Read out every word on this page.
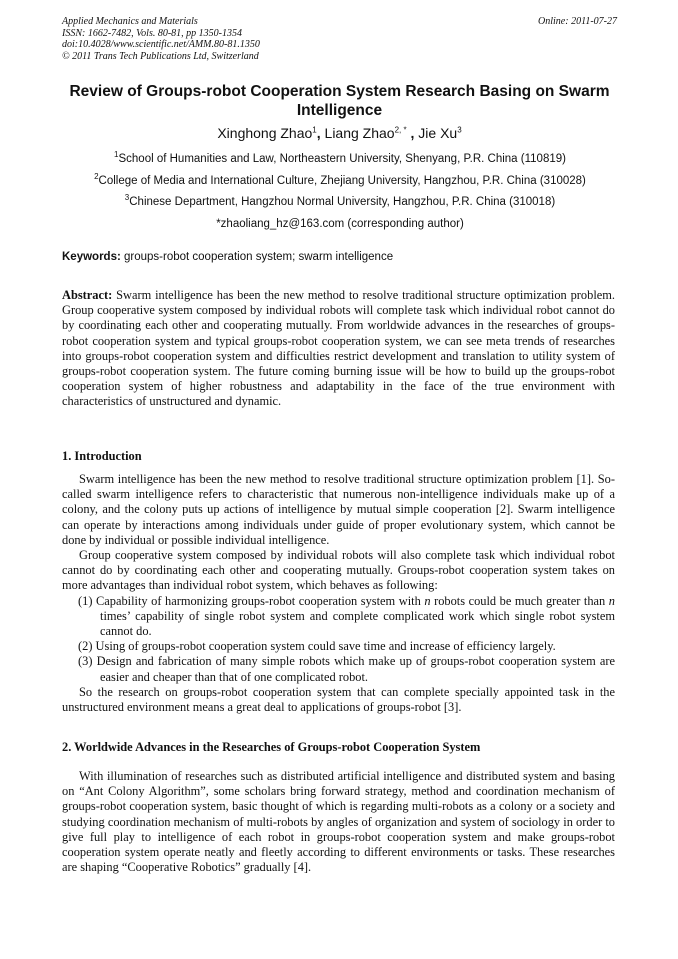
Applied Mechanics and Materials
ISSN: 1662-7482, Vols. 80-81, pp 1350-1354
doi:10.4028/www.scientific.net/AMM.80-81.1350
© 2011 Trans Tech Publications Ltd, Switzerland
Online: 2011-07-27
Review of Groups-robot Cooperation System Research Basing on Swarm Intelligence
Xinghong Zhao$^1$, Liang Zhao$^{2, *}$ , Jie Xu$^3$
$^1$School of Humanities and Law, Northeastern University, Shenyang, P.R. China (110819)
$^2$College of Media and International Culture, Zhejiang University, Hangzhou, P.R. China (310028)
$^3$Chinese Department, Hangzhou Normal University, Hangzhou, P.R. China (310018)
*zhaoliang_hz@163.com (corresponding author)
Keywords: groups-robot cooperation system; swarm intelligence

Abstract: Swarm intelligence has been the new method to resolve traditional structure optimization problem. Group cooperative system composed by individual robots will complete task which individual robot cannot do by coordinating each other and cooperating mutually. From worldwide advances in the researches of groups-robot cooperation system and typical groups-robot cooperation system, we can see meta trends of researches into groups-robot cooperation system and difficulties restrict development and translation to utility system of groups-robot cooperation system. The future coming burning issue will be how to build up the groups-robot cooperation system of higher robustness and adaptability in the face of the true environment with characteristics of unstructured and dynamic.

1. Introduction

Swarm intelligence has been the new method to resolve traditional structure optimization problem [1]. So-called swarm intelligence refers to characteristic that numerous non-intelligence individuals make up of a colony, and the colony puts up actions of intelligence by mutual simple cooperation [2]. Swarm intelligence can operate by interactions among individuals under guide of proper evolutionary system, which cannot be done by individual or possible individual intelligence.

Group cooperative system composed by individual robots will also complete task which individual robot cannot do by coordinating each other and cooperating mutually. Groups-robot cooperation system takes on more advantages than individual robot system, which behaves as following:

(1) Capability of harmonizing groups-robot cooperation system with n robots could be much greater than n times’ capability of single robot system and complete complicated work which single robot system cannot do.

(2) Using of groups-robot cooperation system could save time and increase of efficiency largely.

(3) Design and fabrication of many simple robots which make up of groups-robot cooperation system are easier and cheaper than that of one complicated robot.

So the research on groups-robot cooperation system that can complete specially appointed task in the unstructured environment means a great deal to applications of groups-robot [3].

2. Worldwide Advances in the Researches of Groups-robot Cooperation System

With illumination of researches such as distributed artificial intelligence and distributed system and basing on “Ant Colony Algorithm”, some scholars bring forward strategy, method and coordination mechanism of groups-robot cooperation system, basic thought of which is regarding multi-robots as a colony or a society and studying coordination mechanism of multi-robots by angles of organization and system of sociology in order to give full play to intelligence of each robot in groups-robot cooperation system and make groups-robot cooperation system operate neatly and fleetly according to different environments or tasks. These researches are shaping “Cooperative Robotics” gradually [4].
